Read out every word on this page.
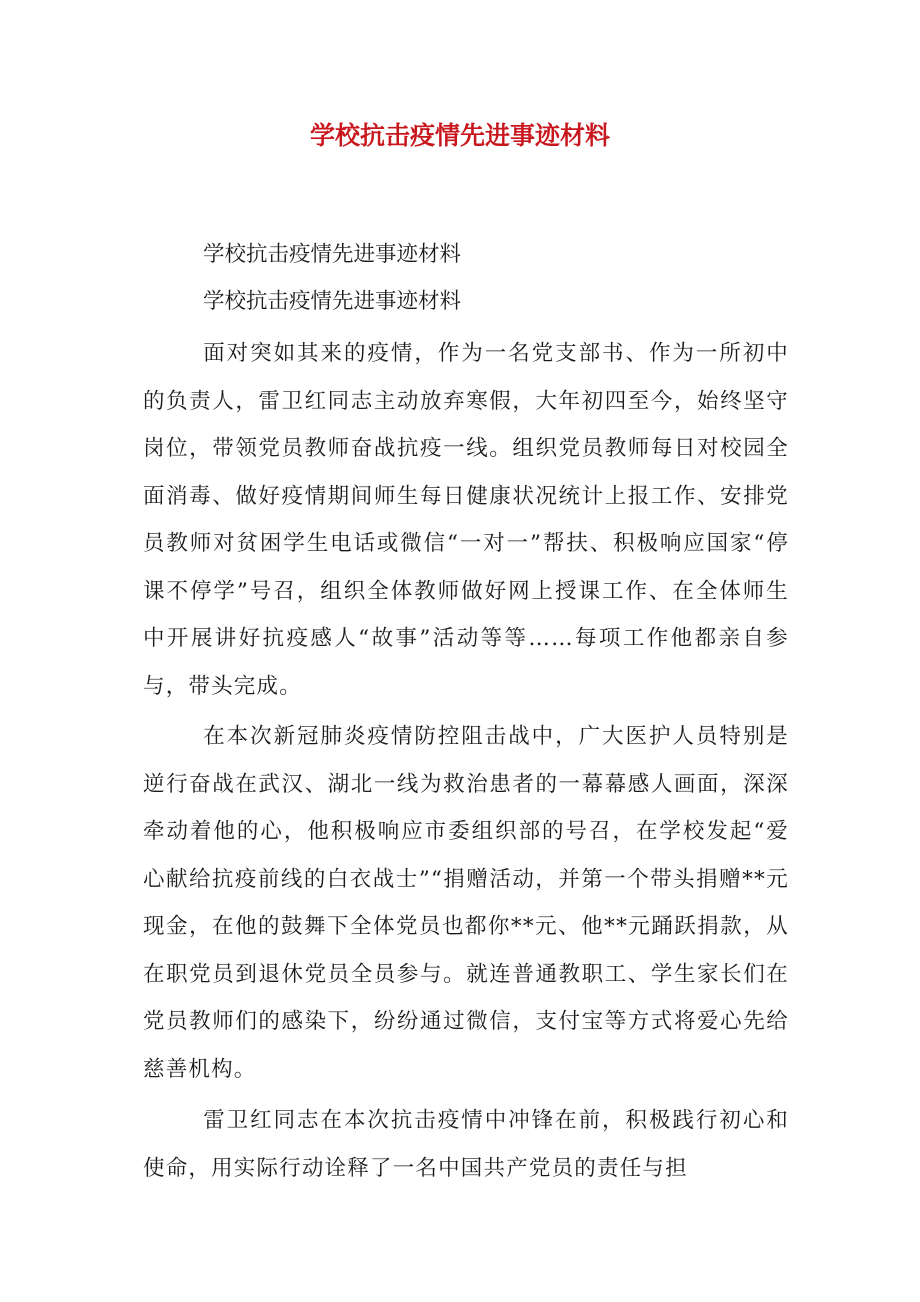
学校抗击疫情先进事迹材料
学校抗击疫情先进事迹材料
学校抗击疫情先进事迹材料
面对突如其来的疫情，作为一名党支部书、作为一所初中的负责人，雷卫红同志主动放弃寒假，大年初四至今，始终坚守岗位，带领党员教师奋战抗疫一线。组织党员教师每日对校园全面消毒、做好疫情期间师生每日健康状况统计上报工作、安排党员教师对贫困学生电话或微信“一对一”帮扶、积极响应国家“停课不停学”号召，组织全体教师做好网上授课工作、在全体师生中开展讲好抗疫感人“故事”活动等等……每项工作他都亲自参与，带头完成。
在本次新冠肺炎疫情防控阻击战中，广大医护人员特别是逆行奋战在武汉、湖北一线为救治患者的一幕幕感人画面，深深牵动着他的心，他积极响应市委组织部的号召，在学校发起“爱心献给抗疫前线的白衣战士”“捐赠活动，并第一个带头捐赠**元现金，在他的鼓舞下全体党员也都你**元、他**元踊跃捐款，从在职党员到退休党员全员参与。就连普通教职工、学生家长们在党员教师们的感染下，纷纷通过微信，支付宝等方式将爱心先给慈善机构。
雷卫红同志在本次抗击疫情中冲锋在前，积极践行初心和使命，用实际行动诠释了一名中国共产党员的责任与担
